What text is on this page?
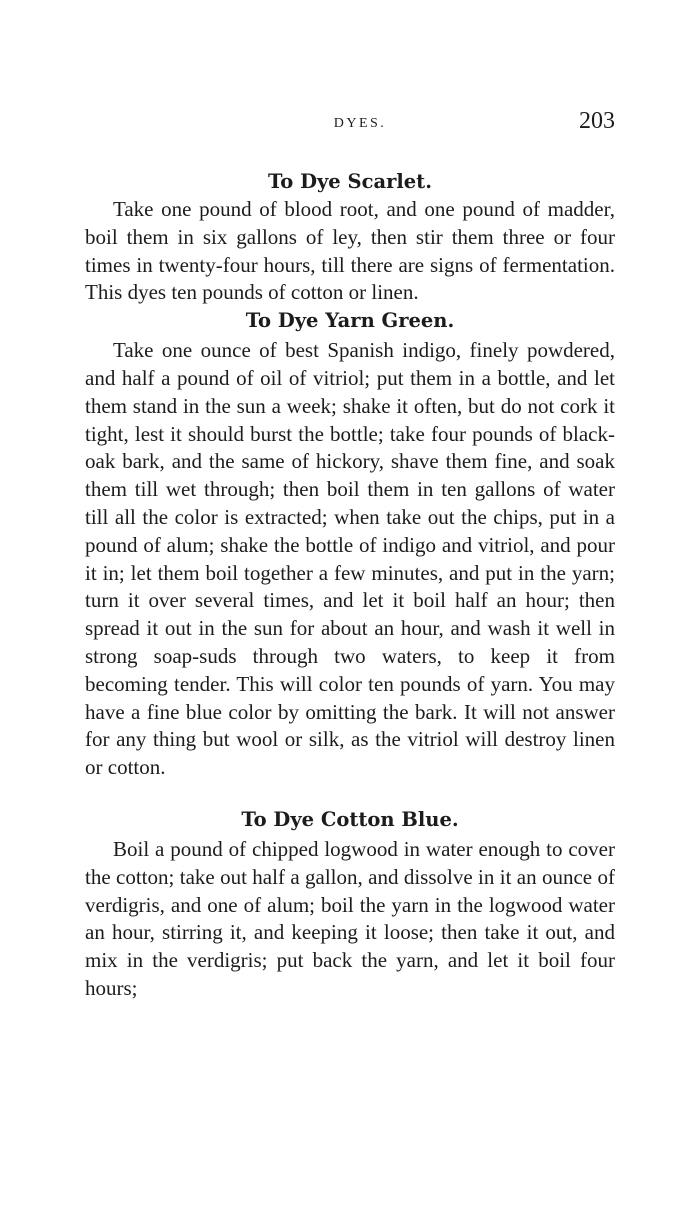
DYES.	203
To Dye Scarlet.

Take one pound of blood root, and one pound of madder, boil them in six gallons of ley, then stir them three or four times in twenty-four hours, till there are signs of fermentation. This dyes ten pounds of cotton or linen.

To Dye Yarn Green.

Take one ounce of best Spanish indigo, finely powdered, and half a pound of oil of vitriol; put them in a bottle, and let them stand in the sun a week; shake it often, but do not cork it tight, lest it should burst the bottle; take four pounds of black-oak bark, and the same of hickory, shave them fine, and soak them till wet through; then boil them in ten gallons of water till all the color is extracted; when take out the chips, put in a pound of alum; shake the bottle of indigo and vitriol, and pour it in; let them boil together a few minutes, and put in the yarn; turn it over several times, and let it boil half an hour; then spread it out in the sun for about an hour, and wash it well in strong soap-suds through two waters, to keep it from becoming tender. This will color ten pounds of yarn. You may have a fine blue color by omitting the bark. It will not answer for any thing but wool or silk, as the vitriol will destroy linen or cotton.

To Dye Cotton Blue.

Boil a pound of chipped logwood in water enough to cover the cotton; take out half a gallon, and dissolve in it an ounce of verdigris, and one of alum; boil the yarn in the logwood water an hour, stirring it, and keeping it loose; then take it out, and mix in the verdigris; put back the yarn, and let it boil four hours;
